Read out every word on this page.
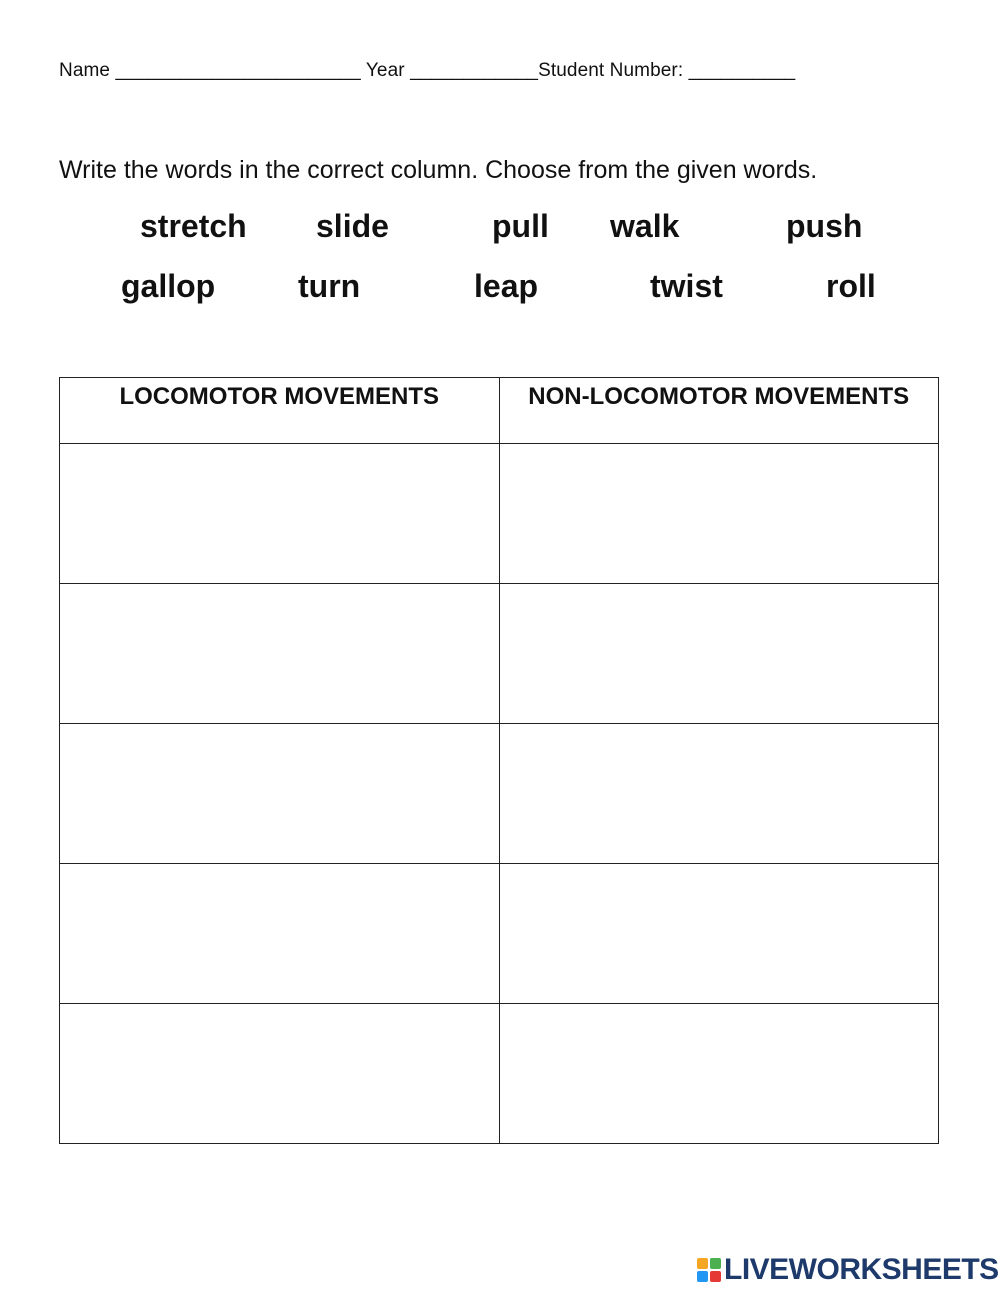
Name _______________________ Year ____________Student Number: __________
Write the words in the correct column. Choose from the given words.
stretch slide	pull walk	push
gallop	turn	leap	twist	roll
LOCOMOTOR MOVEMENTS	NON-LOCOMOTOR MOVEMENTS

LIVEWORKSHEETS
